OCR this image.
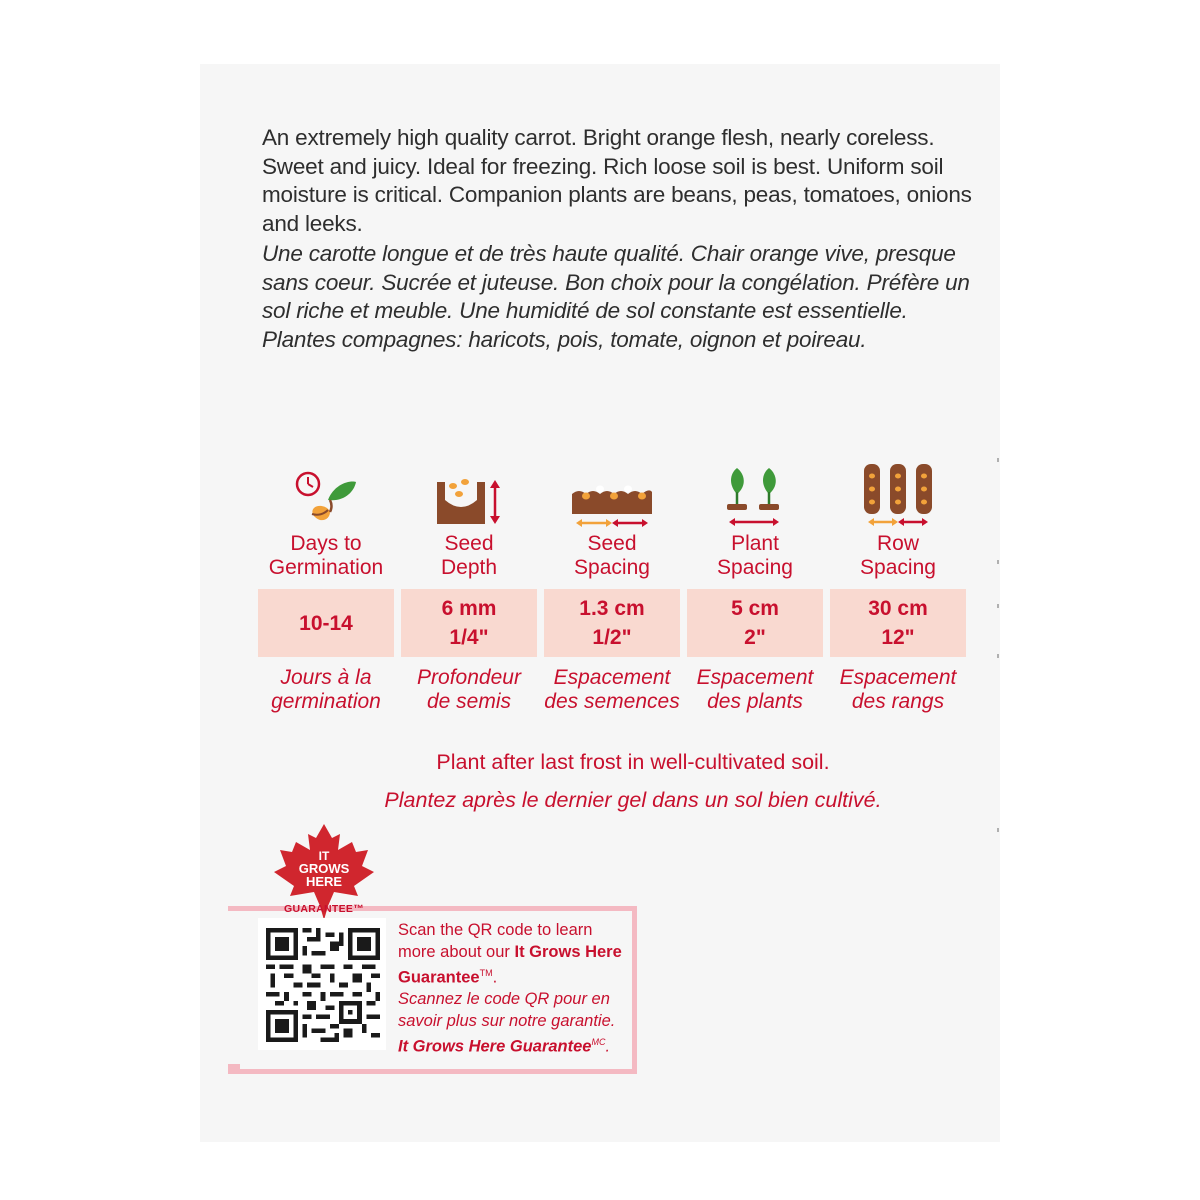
An extremely high quality carrot. Bright orange flesh, nearly coreless. Sweet and juicy. Ideal for freezing. Rich loose soil is best. Uniform soil moisture is critical. Companion plants are beans, peas, tomatoes, onions and leeks.

Une carotte longue et de très haute qualité. Chair orange vive, presque sans coeur. Sucrée et juteuse. Bon choix pour la congélation. Préfère un sol riche et meuble. Une humidité de sol constante est essentielle. Plantes compagnes: haricots, pois, tomate, oignon et poireau.

Days to
Germination
10-14
Jours à la
germination
Seed
Depth
6 mm
1/4"
Profondeur
de semis
Seed
Spacing
1.3 cm
1/2"
Espacement
des semences
Plant
Spacing
5 cm
2"
Espacement
des plants
Row
Spacing
30 cm
12"
Espacement
des rangs
Plant after last frost in well-cultivated soil.
Plantez après le dernier gel dans un sol bien cultivé.
IT
GROWS
HERE
GUARANTEE™
Scan the QR code to learn more about our It Grows Here Guarantee™.
Scannez le code QR pour en savoir plus sur notre garantie. It Grows Here Guarantee$^{MC}$.
